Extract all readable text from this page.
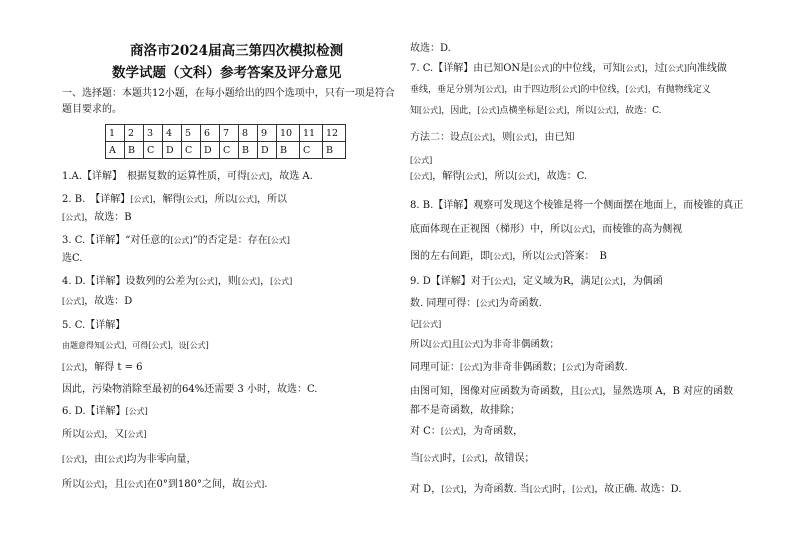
商洛市2024届高三第四次模拟检测
数学试题（文科）参考答案及评分意见
一、选择题：本题共12小题，在每小题给出的四个选项中，只有一项是符合
题目要求的。
1	2	3	4	5	6	7	8	9	10	11	12
A	B	C	D	C	D	C	B	D	B	C	B
1.A.【详解】　根据复数的运算性质，可得[公式]，故选 A.
2. B.　【详解】[公式]，解得[公式]，所以[公式]，所以
[公式]，故选：B
3. C.【详解】“对任意的[公式]”的否定是：存在[公式]
选C.
4. D.【详解】设数列的公差为[公式]，则[公式]，[公式]
[公式]，故选：D
5. C.【详解】
由题意得知[公式]，可得[公式]，设[公式]
[公式]，解得 t = 6
因此，污染物消除至最初的64%还需要 3 小时，故选：C.
6. D.【详解】[公式]
所以[公式]，又[公式]
[公式]，由[公式]均为非零向量，
所以[公式]，且[公式]在0°到180°之间，故[公式].
故选：D.
7. C.【详解】由已知ON是[公式]的中位线，可知[公式]，过[公式]向准线做
垂线，垂足分别为[公式]，由于四边形[公式]的中位线，[公式]，有抛物线定义
知[公式]，因此，[公式]点横坐标是[公式]，所以[公式]，故选：C.
方法二：设点[公式]，则[公式]，由已知
[公式]
[公式]，解得[公式]，所以[公式]，故选：C.
8. B.【详解】观察可发现这个棱锥是将一个侧面摆在地面上，而棱锥的真正
底面体现在正视图（梯形）中，所以[公式]，而棱锥的高为侧视
图的左右间距，即[公式]，所以[公式]答案：　B
9. D【详解】对于[公式]，定义域为R，满足[公式]，为偶函
数. 同理可得：[公式]为奇函数.
记[公式]
所以[公式]且[公式]为非奇非偶函数；
同理可证：[公式]为非奇非偶函数；[公式]为奇函数.
由图可知，图像对应函数为奇函数，且[公式]，显然选项 A，B 对应的函数
都不是奇函数，故排除；
对 C：[公式]，为奇函数，
当[公式]时，[公式]，故错误；
对 D，[公式]，为奇函数. 当[公式]时，[公式]，故正确. 故选：D.
